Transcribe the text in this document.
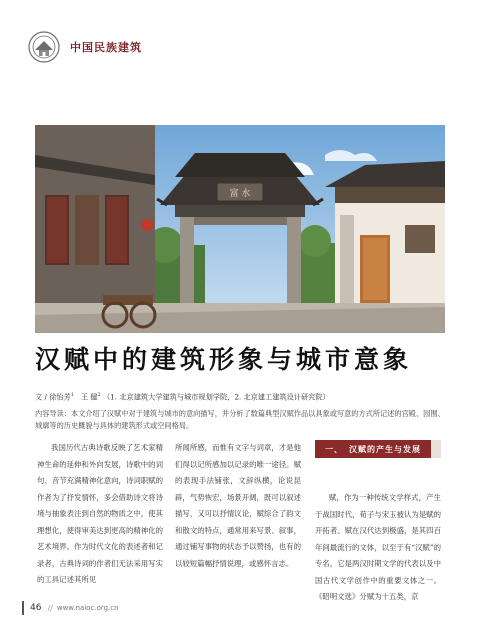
中国民族建筑
富 水
汉赋中的建筑形象与城市意象
文 / 徐怡芳$^1$ 王 健$^2$ （1. 北京建筑大学建筑与城市规划学院，2. 北京建工建筑设计研究院）
内容导读：本文介绍了汉赋中对于建筑与城市的意向描写，并分析了数篇典型汉赋作品以具象或写意的方式所记述的宫殿、园囿、城廓等的历史概貌与具体的建筑形式或空间格局。

我国历代古典诗歌反映了艺术家精神生命的延伸和外向发展，诗歌中的词句、音节充满精神化意向，诗词职赋的作者为了抒发情怀，多会借助诗文将诗境与抽象表注到自然的物质之中，使其理想化，使得审美达到更高的精神化的艺术境界。作为时代文化的表述者和记录者，古典诗词的作者们无法采用写实的工具记述其所见

所闻所感，而惟有文字与词章，才是他们得以记所感加以记录的唯一途径。赋的表现手法铺张，文辞纵横，论说昆辟，气势恢宏，场景开阔，既可以叙述描写，又可以抒情议论，赋综合了韵文和散文的特点，通常用来写景、叙事，通过铺写事物的状态予以赞扬，也有的以较短篇幅抒情说理，或感怀言志。

一、 汉赋的产生与发展

赋，作为一种传统文学样式，产生于战国时代，荀子与宋玉被认为是赋的开拓者。赋在汉代达到极盛，是其四百年间最流行的文体，以至于有“汉赋”的专名，它是两汉时期文学的代表以及中国古代文学创作中的重要文体之一。《昭明文选》分赋为十五类，京

46 // www.naioc.org.cn
